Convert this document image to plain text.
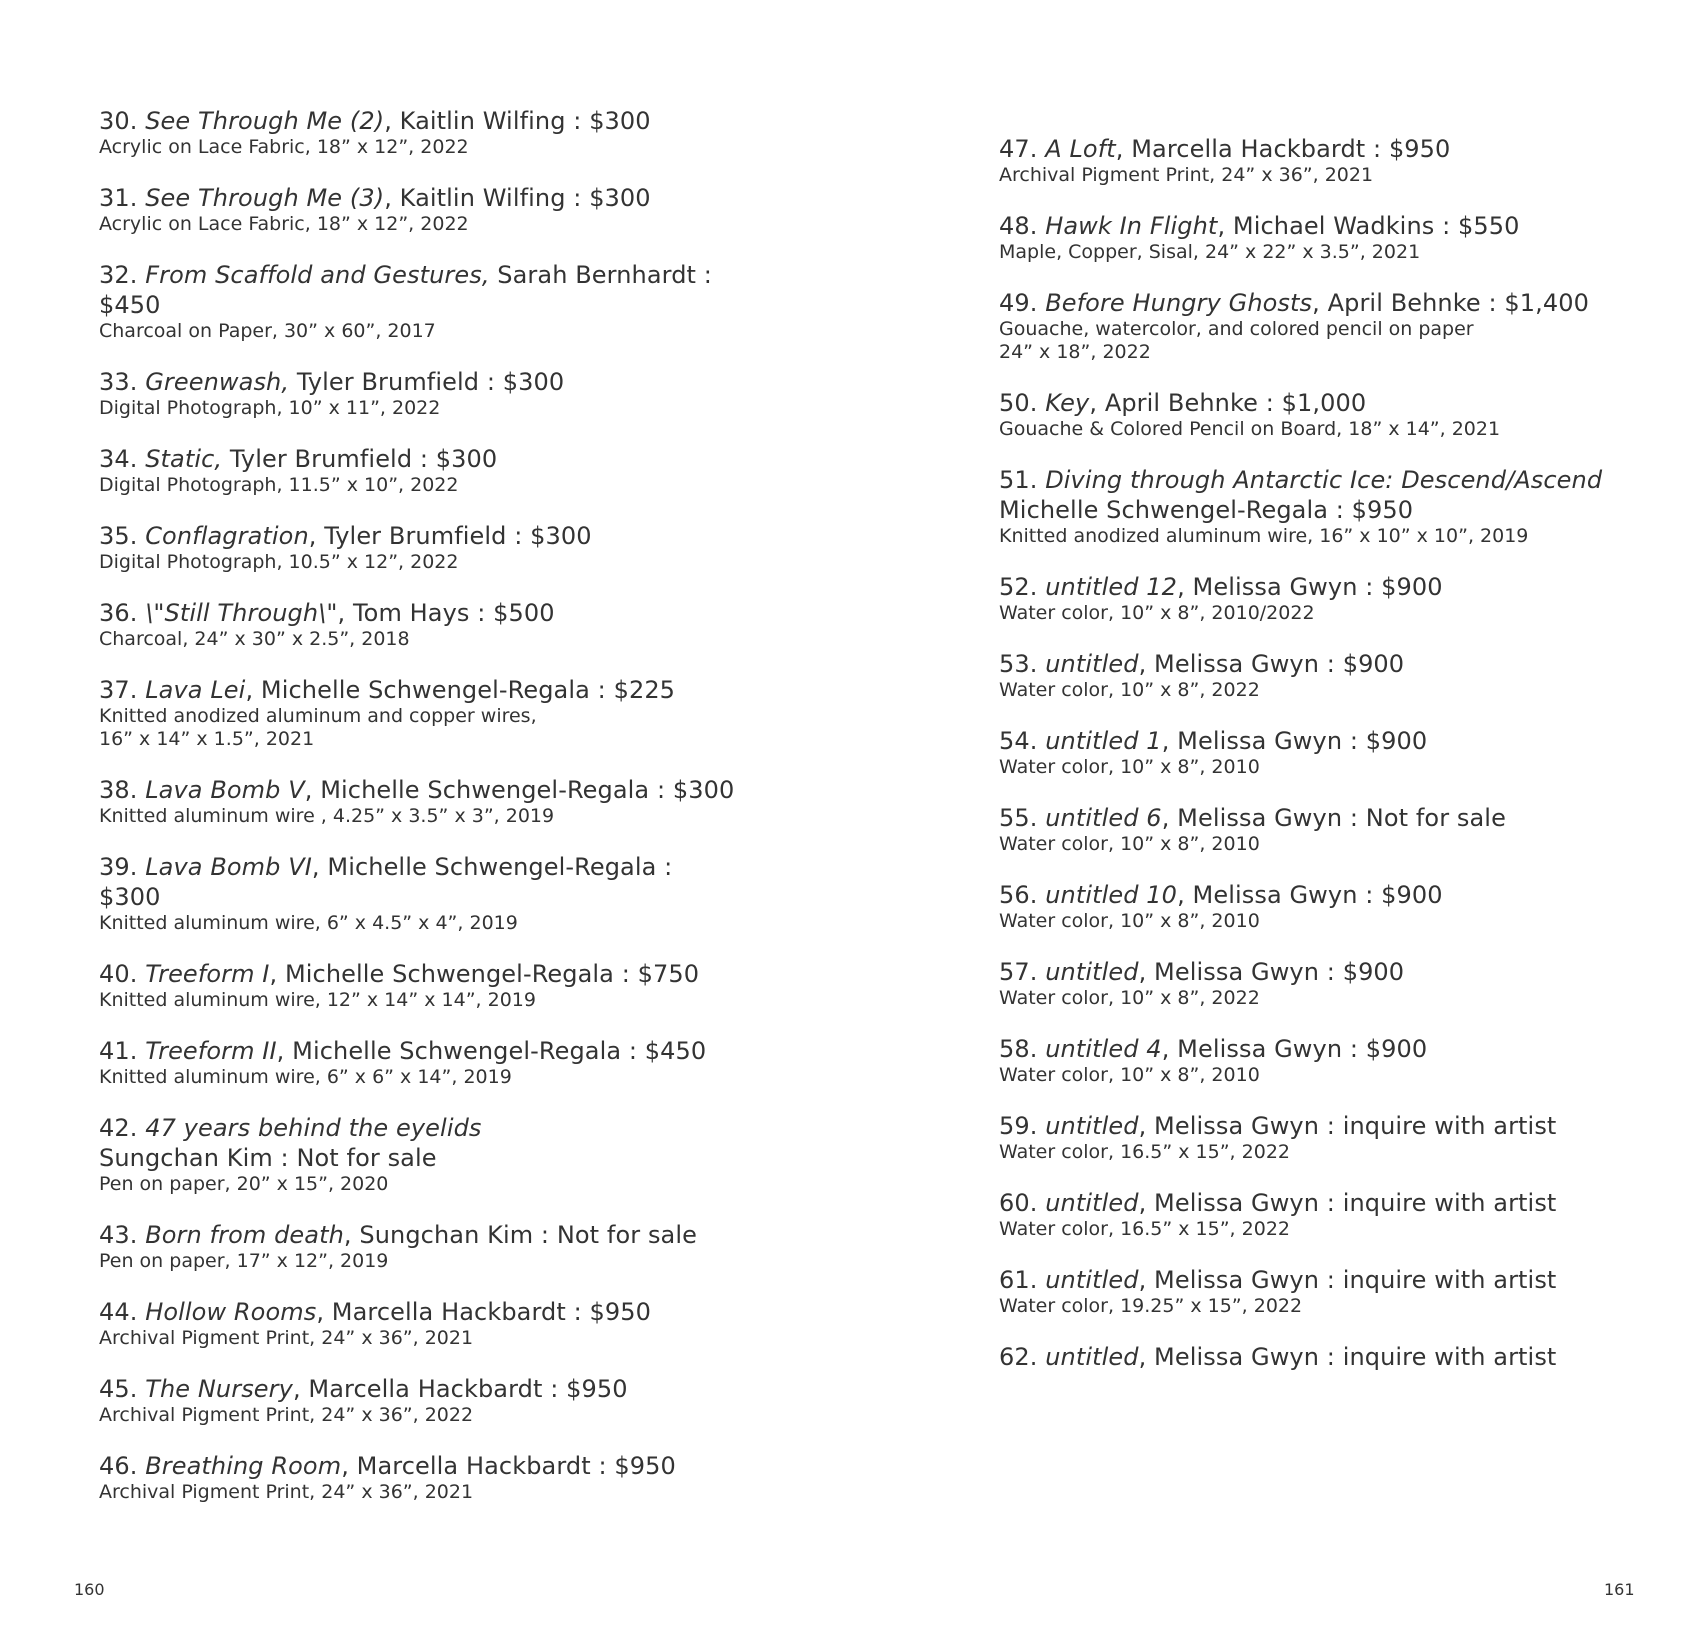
30. See Through Me (2), Kaitlin Wilfing : $300
Acrylic on Lace Fabric, 18” x 12”, 2022
31. See Through Me (3), Kaitlin Wilfing : $300
Acrylic on Lace Fabric, 18” x 12”, 2022
32. From Scaffold and Gestures, Sarah Bernhardt :
$450
Charcoal on Paper, 30” x 60”, 2017
33. Greenwash, Tyler Brumfield : $300
Digital Photograph, 10” x 11”, 2022
34. Static, Tyler Brumfield : $300
Digital Photograph, 11.5” x 10”, 2022
35. Conflagration, Tyler Brumfield : $300
Digital Photograph, 10.5” x 12”, 2022
36. \"Still Through\", Tom Hays : $500
Charcoal, 24” x 30” x 2.5”, 2018
37. Lava Lei, Michelle Schwengel-Regala : $225
Knitted anodized aluminum and copper wires,
16” x 14” x 1.5”, 2021
38. Lava Bomb V, Michelle Schwengel-Regala : $300
Knitted aluminum wire , 4.25” x 3.5” x 3”, 2019
39. Lava Bomb VI, Michelle Schwengel-Regala : $300
Knitted aluminum wire, 6” x 4.5” x 4”, 2019
40. Treeform I, Michelle Schwengel-Regala : $750
Knitted aluminum wire, 12” x 14” x 14”, 2019
41. Treeform II, Michelle Schwengel-Regala : $450
Knitted aluminum wire, 6” x 6” x 14”, 2019
42. 47 years behind the eyelids
Sungchan Kim : Not for sale
Pen on paper, 20” x 15”, 2020
43. Born from death, Sungchan Kim : Not for sale
Pen on paper, 17” x 12”, 2019
44. Hollow Rooms, Marcella Hackbardt : $950
Archival Pigment Print, 24” x 36”, 2021
45. The Nursery, Marcella Hackbardt : $950
Archival Pigment Print, 24” x 36”, 2022
46. Breathing Room, Marcella Hackbardt : $950
Archival Pigment Print, 24” x 36”, 2021
160
47. A Loft, Marcella Hackbardt : $950
Archival Pigment Print, 24” x 36”, 2021
48. Hawk In Flight, Michael Wadkins : $550
Maple, Copper, Sisal, 24” x 22” x 3.5”, 2021
49. Before Hungry Ghosts, April Behnke : $1,400
Gouache, watercolor, and colored pencil on paper
24” x 18”, 2022
50. Key, April Behnke : $1,000
Gouache & Colored Pencil on Board, 18” x 14”, 2021
51. Diving through Antarctic Ice: Descend/Ascend
Michelle Schwengel-Regala : $950
Knitted anodized aluminum wire, 16” x 10” x 10”, 2019
52. untitled 12, Melissa Gwyn : $900
Water color, 10” x 8”, 2010/2022
53. untitled, Melissa Gwyn : $900
Water color, 10” x 8”, 2022
54. untitled 1, Melissa Gwyn : $900
Water color, 10” x 8”, 2010
55. untitled 6, Melissa Gwyn : Not for sale
Water color, 10” x 8”, 2010
56. untitled 10, Melissa Gwyn : $900
Water color, 10” x 8”, 2010
57. untitled, Melissa Gwyn : $900
Water color, 10” x 8”, 2022
58. untitled 4, Melissa Gwyn : $900
Water color, 10” x 8”, 2010
59. untitled, Melissa Gwyn : inquire with artist
Water color, 16.5” x 15”, 2022
60. untitled, Melissa Gwyn : inquire with artist
Water color, 16.5” x 15”, 2022
61. untitled, Melissa Gwyn : inquire with artist
Water color, 19.25” x 15”, 2022
62. untitled, Melissa Gwyn : inquire with artist
161
